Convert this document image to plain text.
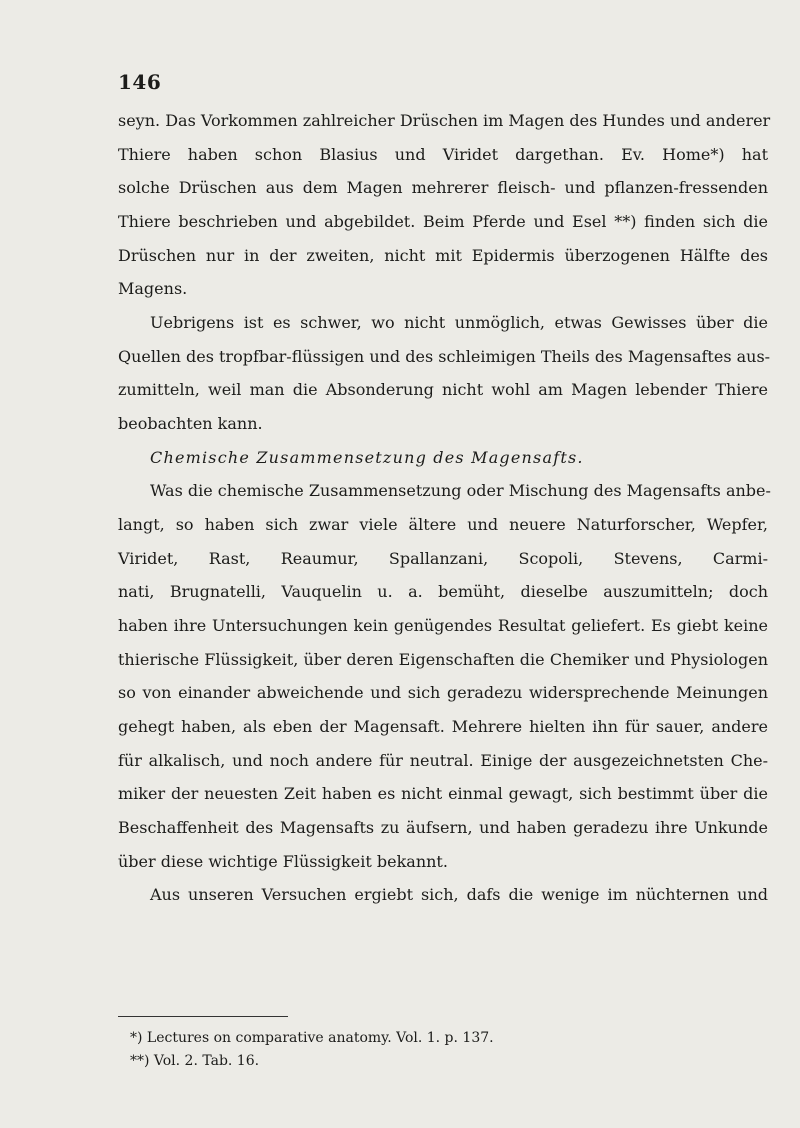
146
seyn. Das Vorkommen zahlreicher Drüschen im Magen des Hundes und anderer
Thiere haben schon Blasius und Viridet dargethan. Ev. Home*) hat
solche Drüschen aus dem Magen mehrerer fleisch- und pflanzen-fressenden
Thiere beschrieben und abgebildet. Beim Pferde und Esel **) finden sich die
Drüschen nur in der zweiten, nicht mit Epidermis überzogenen Hälfte des
Magens.
Uebrigens ist es schwer, wo nicht unmöglich, etwas Gewisses über die
Quellen des tropfbar-flüssigen und des schleimigen Theils des Magensaftes aus-
zumitteln, weil man die Absonderung nicht wohl am Magen lebender Thiere
beobachten kann.
Chemische Zusammensetzung des Magensafts.
Was die chemische Zusammensetzung oder Mischung des Magensafts anbe-
langt, so haben sich zwar viele ältere und neuere Naturforscher, Wepfer,
Viridet, Rast, Reaumur, Spallanzani, Scopoli, Stevens, Carmi-
nati, Brugnatelli, Vauquelin u. a. bemüht, dieselbe auszumitteln; doch
haben ihre Untersuchungen kein genügendes Resultat geliefert. Es giebt keine
thierische Flüssigkeit, über deren Eigenschaften die Chemiker und Physiologen
so von einander abweichende und sich geradezu widersprechende Meinungen
gehegt haben, als eben der Magensaft. Mehrere hielten ihn für sauer, andere
für alkalisch, und noch andere für neutral. Einige der ausgezeichnetsten Che-
miker der neuesten Zeit haben es nicht einmal gewagt, sich bestimmt über die
Beschaffenheit des Magensafts zu äufsern, und haben geradezu ihre Unkunde
über diese wichtige Flüssigkeit bekannt.
Aus unseren Versuchen ergiebt sich, dafs die wenige im nüchternen und
*) Lectures on comparative anatomy. Vol. 1. p. 137.
**) Vol. 2. Tab. 16.
